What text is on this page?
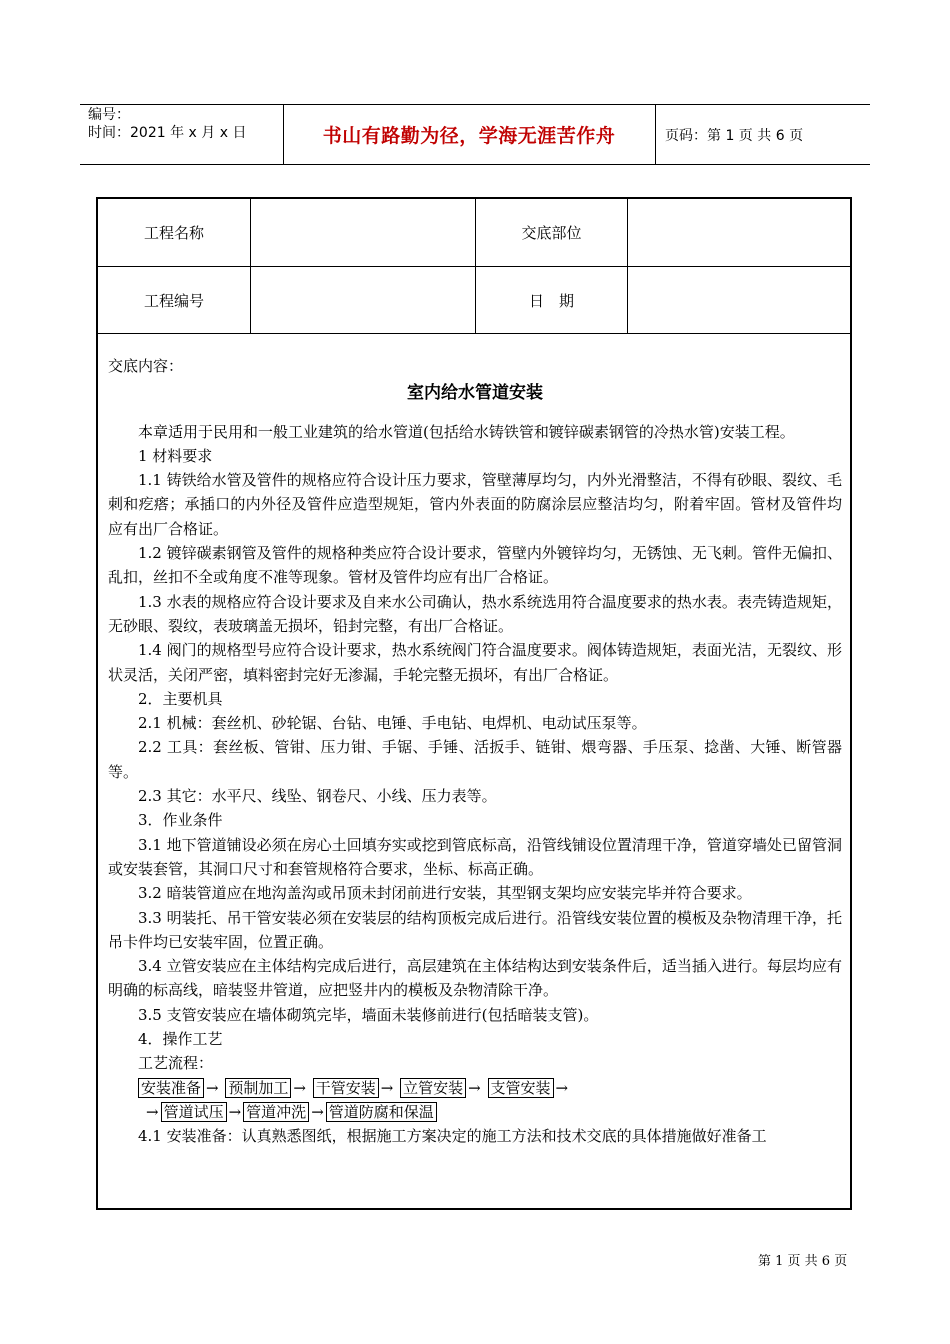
编号：
时间：2021 年 x 月 x 日	书山有路勤为径，学海无涯苦作舟	页码：第 1 页 共 6 页
工程名称	交底部位
工程编号	日　期
交底内容：
室内给水管道安装

本章适用于民用和一般工业建筑的给水管道(包括给水铸铁管和镀锌碳素钢管的冷热水管)安装工程。

1 材料要求

1.1 铸铁给水管及管件的规格应符合设计压力要求，管壁薄厚均匀，内外光滑整洁，不得有砂眼、裂纹、毛刺和疙瘩；承插口的内外径及管件应造型规矩，管内外表面的防腐涂层应整洁均匀，附着牢固。管材及管件均应有出厂合格证。

1.2 镀锌碳素钢管及管件的规格种类应符合设计要求，管壁内外镀锌均匀，无锈蚀、无飞刺。管件无偏扣、乱扣，丝扣不全或角度不准等现象。管材及管件均应有出厂合格证。

1.3 水表的规格应符合设计要求及自来水公司确认，热水系统选用符合温度要求的热水表。表壳铸造规矩，无砂眼、裂纹，表玻璃盖无损坏，铅封完整，有出厂合格证。

1.4 阀门的规格型号应符合设计要求，热水系统阀门符合温度要求。阀体铸造规矩，表面光洁，无裂纹、形状灵活，关闭严密，填料密封完好无渗漏，手轮完整无损坏，有出厂合格证。

2．主要机具

2.1 机械：套丝机、砂轮锯、台钻、电锤、手电钻、电焊机、电动试压泵等。

2.2 工具：套丝板、管钳、压力钳、手锯、手锤、活扳手、链钳、煨弯器、手压泵、捻凿、大锤、断管器等。

2.3 其它：水平尺、线坠、钢卷尺、小线、压力表等。

3．作业条件

3.1 地下管道铺设必须在房心土回填夯实或挖到管底标高，沿管线铺设位置清理干净，管道穿墙处已留管洞或安装套管，其洞口尺寸和套管规格符合要求，坐标、标高正确。

3.2 暗装管道应在地沟盖沟或吊顶未封闭前进行安装，其型钢支架均应安装完毕并符合要求。

3.3 明装托、吊干管安装必须在安装层的结构顶板完成后进行。沿管线安装位置的模板及杂物清理干净，托吊卡件均已安装牢固，位置正确。

3.4 立管安装应在主体结构完成后进行，高层建筑在主体结构达到安装条件后，适当插入进行。每层均应有明确的标高线，暗装竖井管道，应把竖井内的模板及杂物清除干净。

3.5 支管安装应在墙体砌筑完毕，墙面未装修前进行(包括暗装支管)。

4．操作工艺

工艺流程：

安装准备 → 预制加工 → 干管安装 → 立管安装 → 支管安装 →
→ 管道试压 → 管道冲洗 → 管道防腐和保温

4.1 安装准备：认真熟悉图纸，根据施工方案决定的施工方法和技术交底的具体措施做好准备工

第 1 页 共 6 页
